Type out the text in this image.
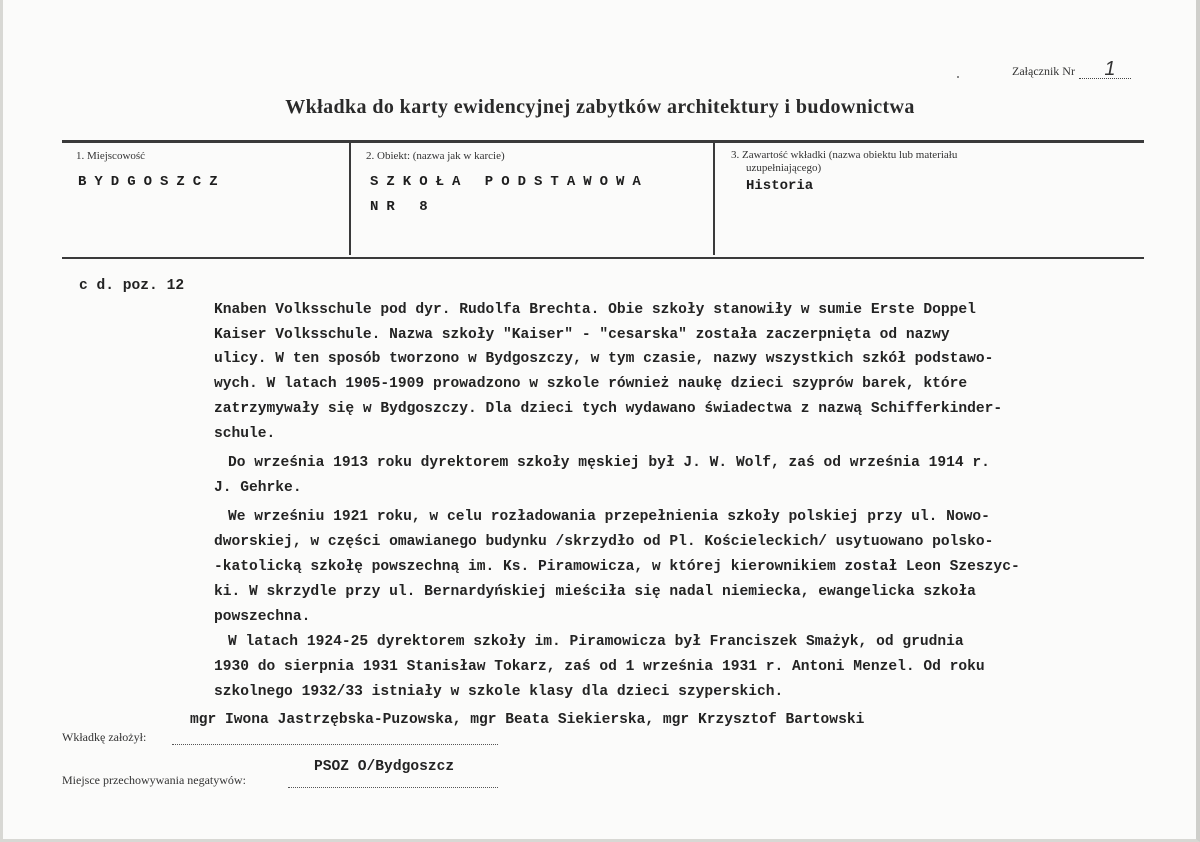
Załącznik Nr	1
Wkładka do karty ewidencyjnej zabytków architektury i budownictwa
1. Miejscowość
BYDGOSZCZ
2. Obiekt: (nazwa jak w karcie)
SZKOŁA PODSTAWOWA
NR 8
3. Zawartość wkładki (nazwa obiektu lub materiału
uzupełniającego)
Historia

c d. poz. 12

Knaben Volksschule pod dyr. Rudolfa Brechta. Obie szkoły stanowiły w sumie Erste Doppel

Kaiser Volksschule. Nazwa szkoły "Kaiser" - "cesarska" została zaczerpnięta od nazwy

ulicy. W ten sposób tworzono w Bydgoszczy, w tym czasie, nazwy wszystkich szkół podstawo-

wych. W latach 1905-1909 prowadzono w szkole również naukę dzieci szyprów barek, które

zatrzymywały się w Bydgoszczy. Dla dzieci tych wydawano świadectwa z nazwą Schifferkinder-

schule.

Do września 1913 roku dyrektorem szkoły męskiej był J. W. Wolf, zaś od września 1914 r.

J. Gehrke.

We wrześniu 1921 roku, w celu rozładowania przepełnienia szkoły polskiej przy ul. Nowo-

dworskiej, w części omawianego budynku /skrzydło od Pl. Kościeleckich/ usytuowano polsko-

-katolicką szkołę powszechną im. Ks. Piramowicza, w której kierownikiem został Leon Szeszyc-

ki. W skrzydle przy ul. Bernardyńskiej mieściła się nadal niemiecka, ewangelicka szkoła

powszechna.

W latach 1924-25 dyrektorem szkoły im. Piramowicza był Franciszek Smażyk, od grudnia

1930 do sierpnia 1931 Stanisław Tokarz, zaś od 1 września 1931 r. Antoni Menzel. Od roku

szkolnego 1932/33 istniały w szkole klasy dla dzieci szyperskich.

Wkładkę założył:
mgr Iwona Jastrzębska-Puzowska, mgr Beata Siekierska, mgr Krzysztof Bartowski
Miejsce przechowywania negatywów:
PSOZ O/Bydgoszcz
